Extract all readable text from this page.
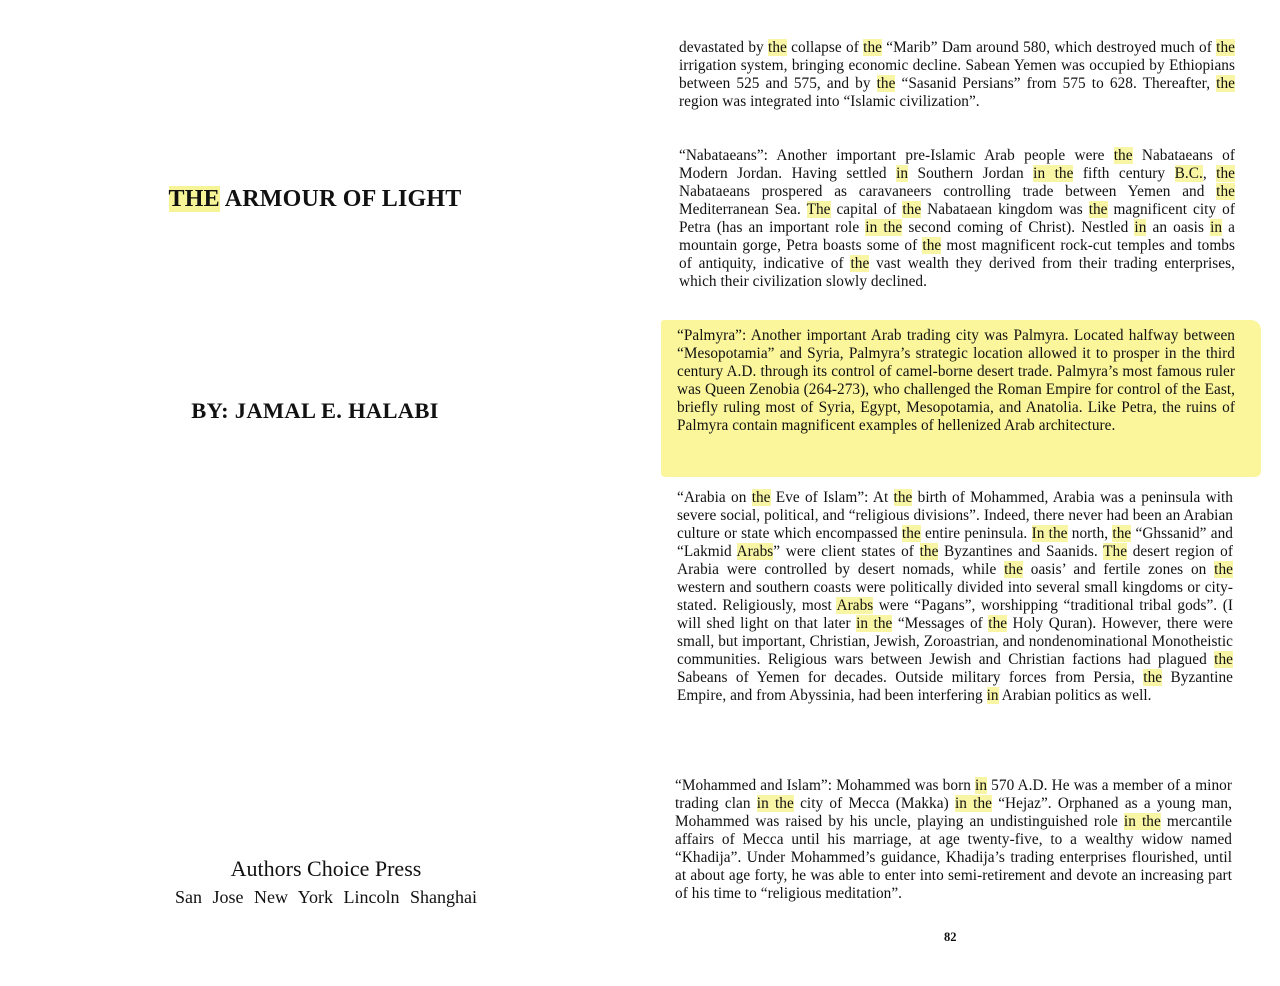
THE ARMOUR OF LIGHT
BY: JAMAL E. HALABI
Authors Choice Press
San Jose New York Lincoln Shanghai

devastated by the collapse of the “Marib” Dam around 580, which destroyed much of the irrigation system, bringing economic decline. Sabean Yemen was occupied by Ethiopians between 525 and 575, and by the “Sasanid Persians” from 575 to 628. Thereafter, the region was integrated into “Islamic civilization”.

“Nabataeans”: Another important pre-Islamic Arab people were the Nabataeans of Modern Jordan. Having settled in Southern Jordan in the fifth century B.C., the Nabataeans prospered as caravaneers controlling trade between Yemen and the Mediterranean Sea. The capital of the Nabataean kingdom was the magnificent city of Petra (has an important role in the second coming of Christ). Nestled in an oasis in a mountain gorge, Petra boasts some of the most magnificent rock-cut temples and tombs of antiquity, indicative of the vast wealth they derived from their trading enterprises, which their civilization slowly declined.

“Palmyra”: Another important Arab trading city was Palmyra. Located halfway between “Mesopotamia” and Syria, Palmyra’s strategic location allowed it to prosper in the third century A.D. through its control of camel-borne desert trade. Palmyra’s most famous ruler was Queen Zenobia (264-273), who challenged the Roman Empire for control of the East, briefly ruling most of Syria, Egypt, Mesopotamia, and Anatolia. Like Petra, the ruins of Palmyra contain magnificent examples of hellenized Arab architecture.

“Arabia on the Eve of Islam”: At the birth of Mohammed, Arabia was a peninsula with severe social, political, and “religious divisions”. Indeed, there never had been an Arabian culture or state which encompassed the entire peninsula. In the north, the “Ghssanid” and “Lakmid Arabs” were client states of the Byzantines and Saanids. The desert region of Arabia were controlled by desert nomads, while the oasis’ and fertile zones on the western and southern coasts were politically divided into several small kingdoms or city-stated. Religiously, most Arabs were “Pagans”, worshipping “traditional tribal gods”. (I will shed light on that later in the “Messages of the Holy Quran). However, there were small, but important, Christian, Jewish, Zoroastrian, and nondenominational Monotheistic communities. Religious wars between Jewish and Christian factions had plagued the Sabeans of Yemen for decades. Outside military forces from Persia, the Byzantine Empire, and from Abyssinia, had been interfering in Arabian politics as well.

“Mohammed and Islam”: Mohammed was born in 570 A.D. He was a member of a minor trading clan in the city of Mecca (Makka) in the “Hejaz”. Orphaned as a young man, Mohammed was raised by his uncle, playing an undistinguished role in the mercantile affairs of Mecca until his marriage, at age twenty-five, to a wealthy widow named “Khadija”. Under Mohammed’s guidance, Khadija’s trading enterprises flourished, until at about age forty, he was able to enter into semi-retirement and devote an increasing part of his time to “religious meditation”.

82
